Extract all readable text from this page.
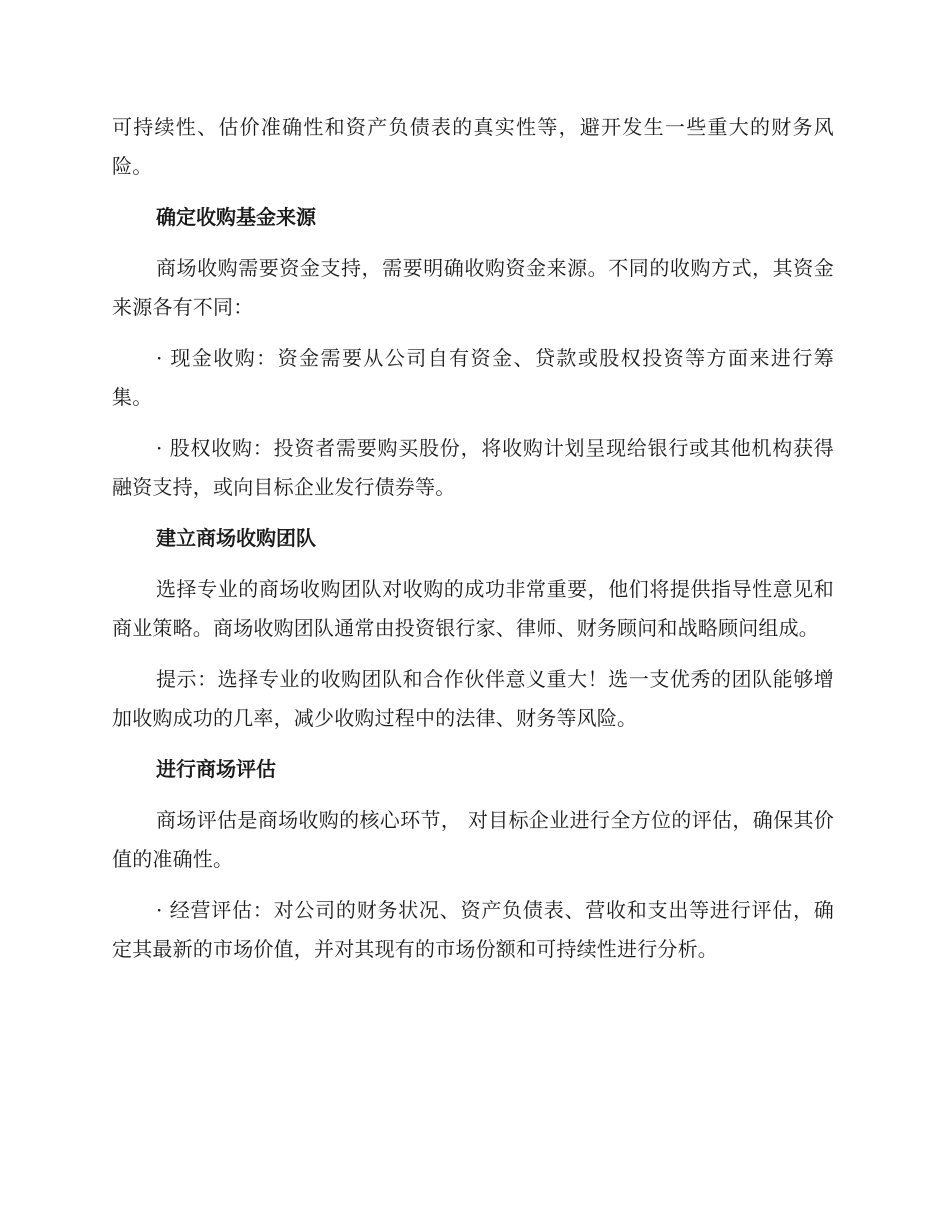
可持续性、估价准确性和资产负债表的真实性等，避开发生一些重大的财务风险。

确定收购基金来源

商场收购需要资金支持，需要明确收购资金来源。不同的收购方式，其资金来源各有不同：

· 现金收购：资金需要从公司自有资金、贷款或股权投资等方面来进行筹集。

· 股权收购：投资者需要购买股份，将收购计划呈现给银行或其他机构获得融资支持，或向目标企业发行债券等。

建立商场收购团队

选择专业的商场收购团队对收购的成功非常重要，他们将提供指导性意见和商业策略。商场收购团队通常由投资银行家、律师、财务顾问和战略顾问组成。

提示：选择专业的收购团队和合作伙伴意义重大！选一支优秀的团队能够增加收购成功的几率，减少收购过程中的法律、财务等风险。

进行商场评估

商场评估是商场收购的核心环节， 对目标企业进行全方位的评估，确保其价值的准确性。

· 经营评估：对公司的财务状况、资产负债表、营收和支出等进行评估，确定其最新的市场价值，并对其现有的市场份额和可持续性进行分析。
